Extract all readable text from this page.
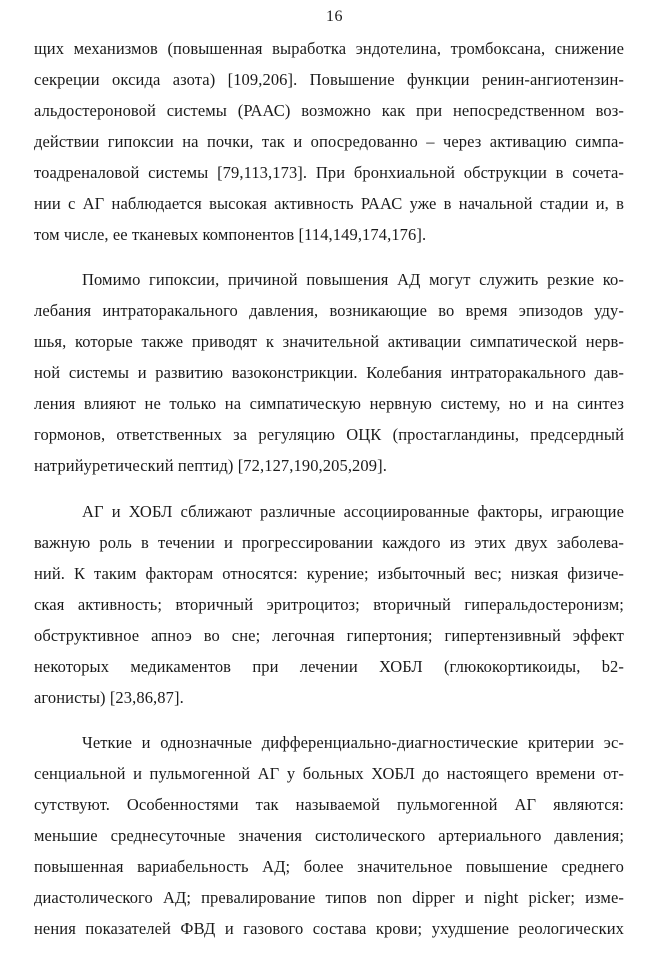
16
щих механизмов (повышенная выработка эндотелина, тромбоксана, снижение
секреции оксида азота) [109,206]. Повышение функции ренин-ангиотензин-
альдостероновой системы (РААС) возможно как при непосредственном воз-
действии гипоксии на почки, так и опосредованно – через активацию симпа-
тоадреналовой системы [79,113,173]. При бронхиальной обструкции в сочета-
нии с АГ наблюдается высокая активность РААС уже в начальной стадии и, в
том числе, ее тканевых компонентов [114,149,174,176].
Помимо гипоксии, причиной повышения АД могут служить резкие ко-
лебания интраторакального давления, возникающие во время эпизодов уду-
шья, которые также приводят к значительной активации симпатической нерв-
ной системы и развитию вазоконстрикции. Колебания интраторакального дав-
ления влияют не только на симпатическую нервную систему, но и на синтез
гормонов, ответственных за регуляцию ОЦК (простагландины, предсердный
натрийуретический пептид) [72,127,190,205,209].
АГ и ХОБЛ сближают различные ассоциированные факторы, играющие
важную роль в течении и прогрессировании каждого из этих двух заболева-
ний. К таким факторам относятся: курение; избыточный вес; низкая физиче-
ская активность; вторичный эритроцитоз; вторичный гиперальдостеронизм;
обструктивное апноэ во сне; легочная гипертония; гипертензивный эффект
некоторых медикаментов при лечении ХОБЛ (глюкокортикоиды, b2-
агонисты) [23,86,87].
Четкие и однозначные дифференциально-диагностические критерии эс-
сенциальной и пульмогенной АГ у больных ХОБЛ до настоящего времени от-
сутствуют. Особенностями так называемой пульмогенной АГ являются:
меньшие среднесуточные значения систолического артериального давления;
повышенная вариабельность АД; более значительное повышение среднего
диастолического АД; превалирование типов non dipper и night picker; изме-
нения показателей ФВД и газового состава крови; ухудшение реологических
